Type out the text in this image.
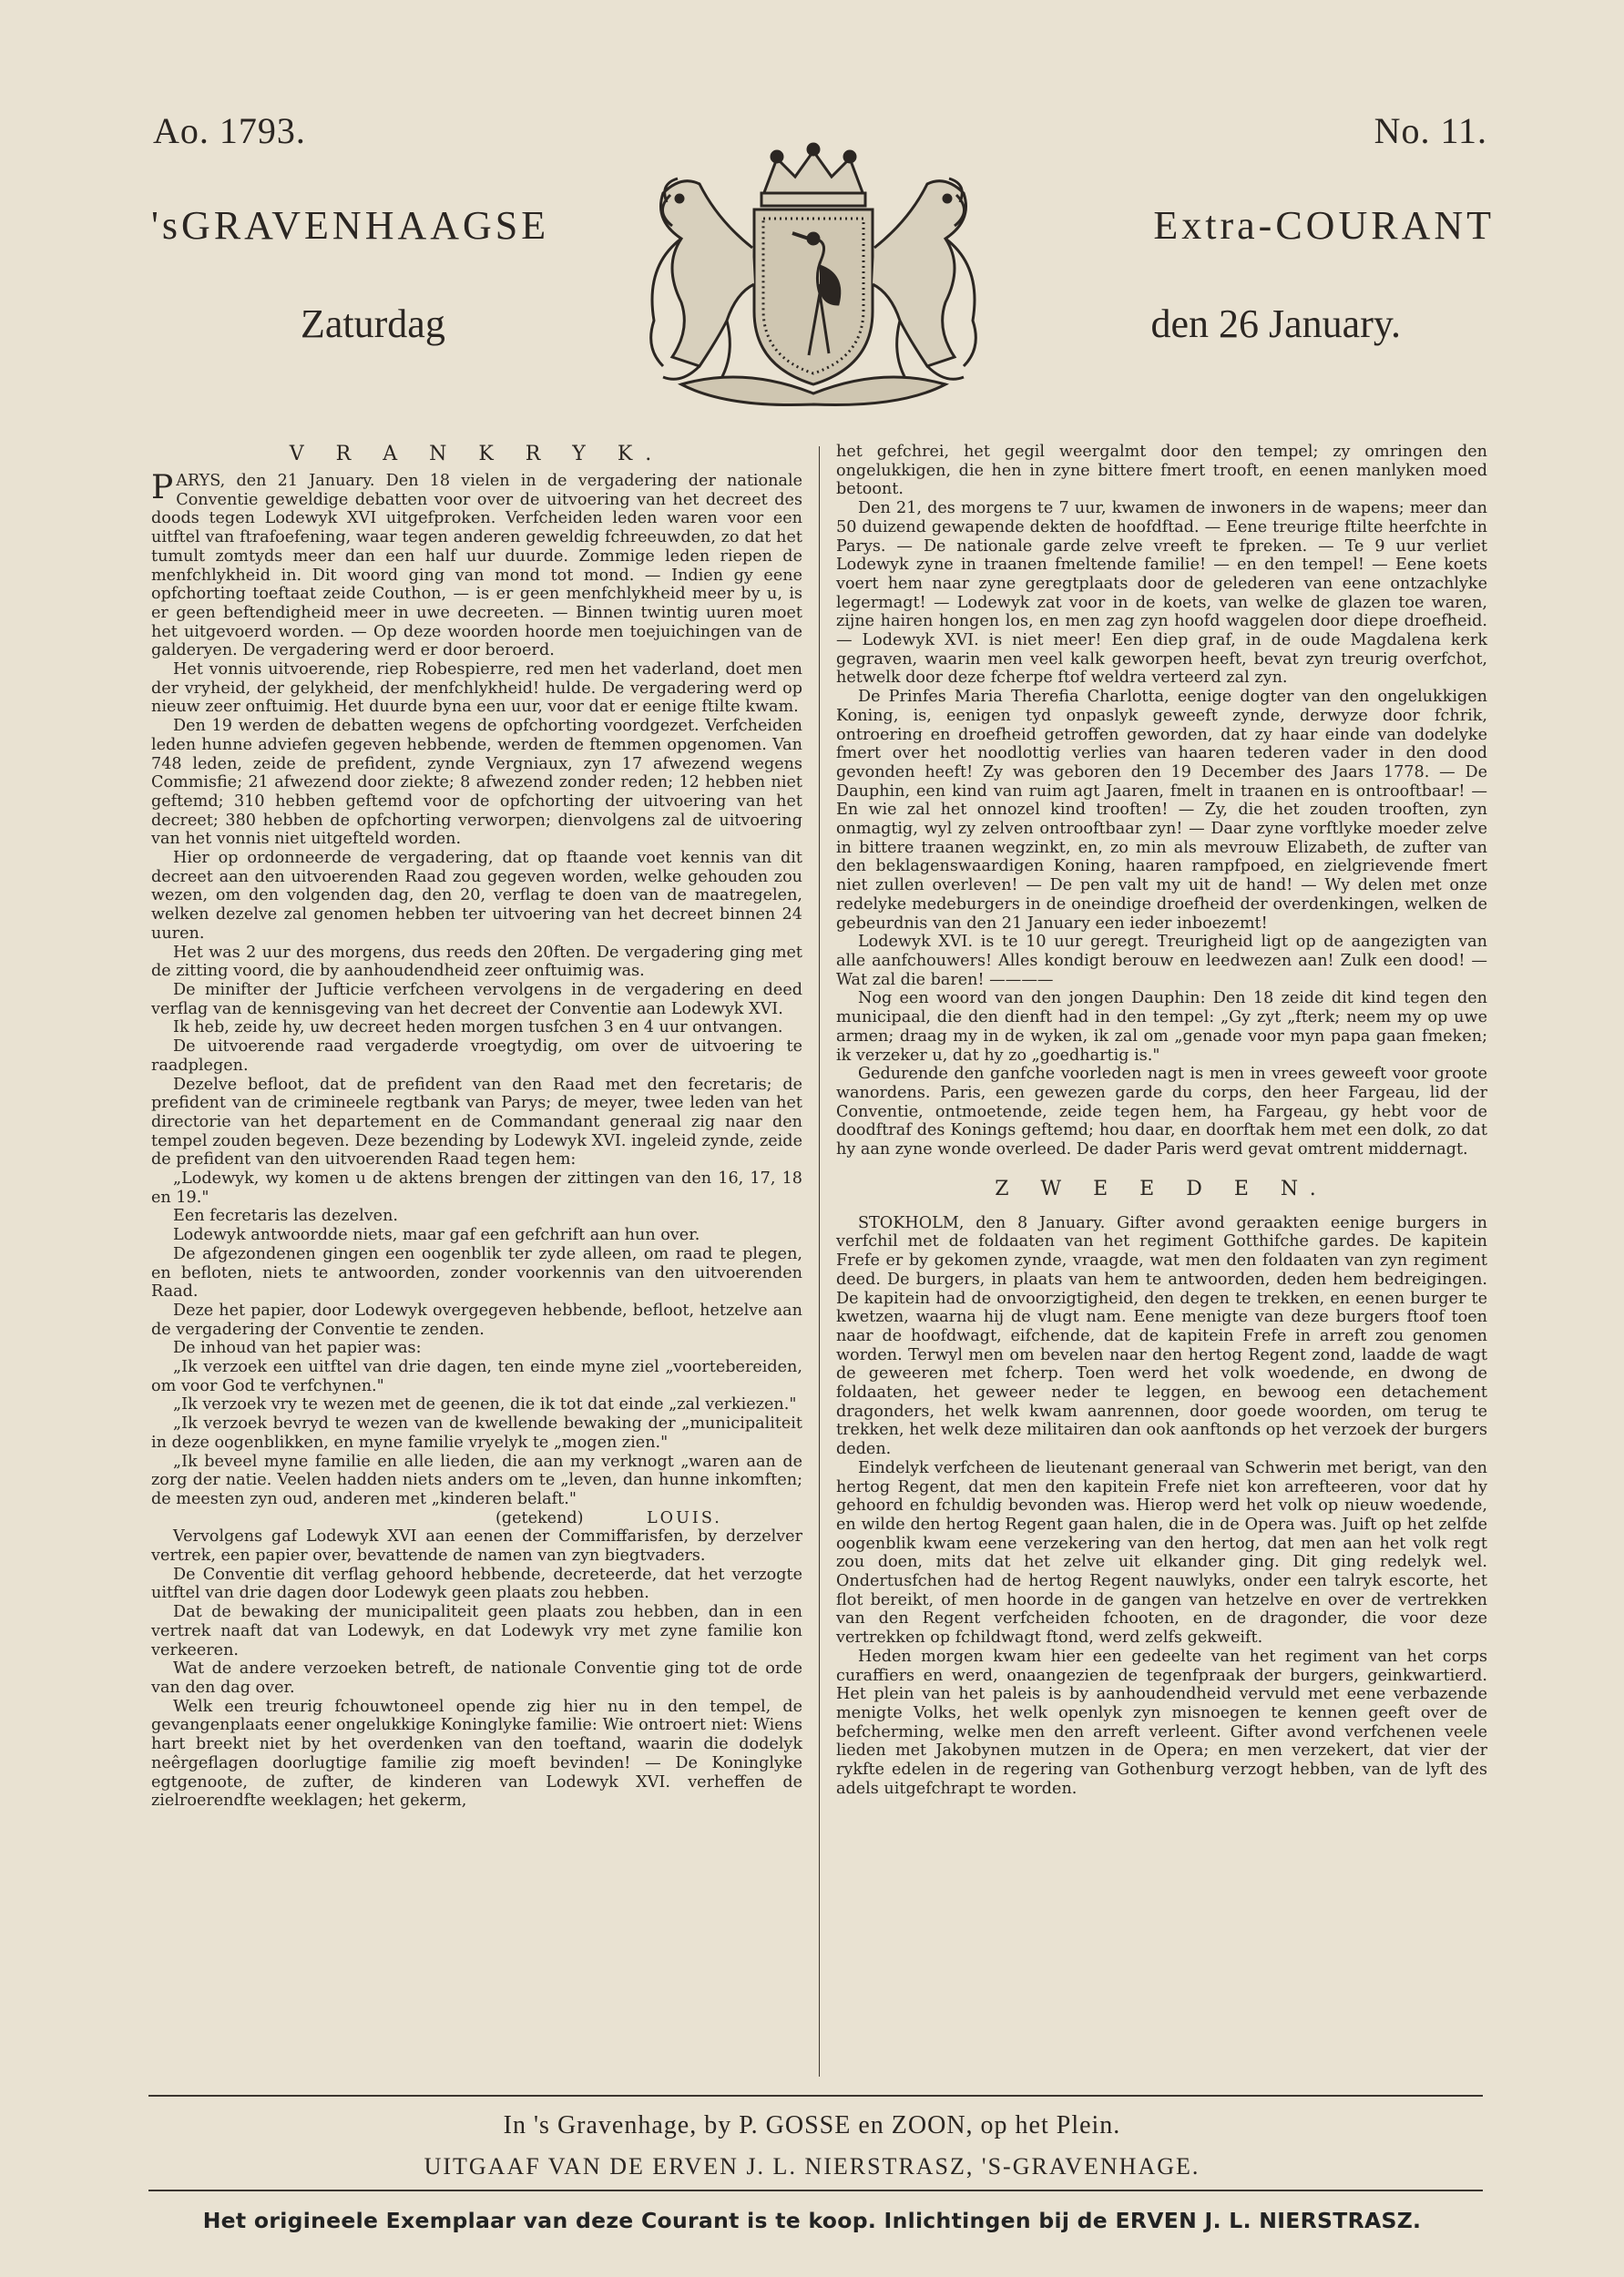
Ao. 1793.	No. 11.
'sGRAVENHAAGSE	Extra-COURANT
Zaturdag	den 26 January.
V R A N K R Y K.

PARYS, den 21 January. Den 18 vielen in de vergadering der nationale Conventie geweldige debatten voor over de uitvoering van het decreet des doods tegen Lodewyk XVI uitgefproken. Verfcheiden leden waren voor een uitftel van ftrafoefening, waar tegen anderen geweldig fchreeuwden, zo dat het tumult zomtyds meer dan een half uur duurde. Zommige leden riepen de menfchlykheid in. Dit woord ging van mond tot mond. — Indien gy eene opfchorting toeftaat zeide Couthon, — is er geen menfchlykheid meer by u, is er geen beftendigheid meer in uwe decreeten. — Binnen twintig uuren moet het uitgevoerd worden. — Op deze woorden hoorde men toejuichingen van de galderyen. De vergadering werd er door beroerd.

Het vonnis uitvoerende, riep Robespierre, red men het vaderland, doet men der vryheid, der gelykheid, der menfchlykheid! hulde. De vergadering werd op nieuw zeer onftuimig. Het duurde byna een uur, voor dat er eenige ftilte kwam.

Den 19 werden de debatten wegens de opfchorting voordgezet. Verfcheiden leden hunne adviefen gegeven hebbende, werden de ftemmen opgenomen. Van 748 leden, zeide de prefident, zynde Vergniaux, zyn 17 afwezend wegens Commisfie; 21 afwezend door ziekte; 8 afwezend zonder reden; 12 hebben niet geftemd; 310 hebben geftemd voor de opfchorting der uitvoering van het decreet; 380 hebben de opfchorting verworpen; dienvolgens zal de uitvoering van het vonnis niet uitgefteld worden.

Hier op ordonneerde de vergadering, dat op ftaande voet kennis van dit decreet aan den uitvoerenden Raad zou gegeven worden, welke gehouden zou wezen, om den volgenden dag, den 20, verflag te doen van de maatregelen, welken dezelve zal genomen hebben ter uitvoering van het decreet binnen 24 uuren.

Het was 2 uur des morgens, dus reeds den 20ften. De vergadering ging met de zitting voord, die by aanhoudendheid zeer onftuimig was.

De minifter der Jufticie verfcheen vervolgens in de vergadering en deed verflag van de kennisgeving van het decreet der Conventie aan Lodewyk XVI.

Ik heb, zeide hy, uw decreet heden morgen tusfchen 3 en 4 uur ontvangen.

De uitvoerende raad vergaderde vroegtydig, om over de uitvoering te raadplegen.

Dezelve befloot, dat de prefident van den Raad met den fecretaris; de prefident van de crimineele regtbank van Parys; de meyer, twee leden van het directorie van het departement en de Commandant generaal zig naar den tempel zouden begeven. Deze bezending by Lodewyk XVI. ingeleid zynde, zeide de prefident van den uitvoerenden Raad tegen hem:

„Lodewyk, wy komen u de aktens brengen der zittingen van den 16, 17, 18 en 19."

Een fecretaris las dezelven.

Lodewyk antwoordde niets, maar gaf een gefchrift aan hun over.

De afgezondenen gingen een oogenblik ter zyde alleen, om raad te plegen, en befloten, niets te antwoorden, zonder voorkennis van den uitvoerenden Raad.

Deze het papier, door Lodewyk overgegeven hebbende, befloot, hetzelve aan de vergadering der Conventie te zenden.

De inhoud van het papier was:

„Ik verzoek een uitftel van drie dagen, ten einde myne ziel „voortebereiden, om voor God te verfchynen."

„Ik verzoek vry te wezen met de geenen, die ik tot dat einde „zal verkiezen."

„Ik verzoek bevryd te wezen van de kwellende bewaking der „municipaliteit in deze oogenblikken, en myne familie vryelyk te „mogen zien."

„Ik beveel myne familie en alle lieden, die aan my verknogt „waren aan de zorg der natie. Veelen hadden niets anders om te „leven, dan hunne inkomften; de meesten zyn oud, anderen met „kinderen belaft."

(getekend)	LOUIS.

Vervolgens gaf Lodewyk XVI aan eenen der Commiffarisfen, by derzelver vertrek, een papier over, bevattende de namen van zyn biegtvaders.

De Conventie dit verflag gehoord hebbende, decreteerde, dat het verzogte uitftel van drie dagen door Lodewyk geen plaats zou hebben.

Dat de bewaking der municipaliteit geen plaats zou hebben, dan in een vertrek naaft dat van Lodewyk, en dat Lodewyk vry met zyne familie kon verkeeren.

Wat de andere verzoeken betreft, de nationale Conventie ging tot de orde van den dag over.

Welk een treurig fchouwtoneel opende zig hier nu in den tempel, de gevangenplaats eener ongelukkige Koninglyke familie: Wie ontroert niet: Wiens hart breekt niet by het overdenken van den toeftand, waarin die dodelyk neêrgeflagen doorlugtige familie zig moeft bevinden! — De Koninglyke egtgenoote, de zufter, de kinderen van Lodewyk XVI. verheffen de zielroerendfte weeklagen; het gekerm,

het gefchrei, het gegil weergalmt door den tempel; zy omringen den ongelukkigen, die hen in zyne bittere fmert trooft, en eenen manlyken moed betoont.

Den 21, des morgens te 7 uur, kwamen de inwoners in de wapens; meer dan 50 duizend gewapende dekten de hoofdftad. — Eene treurige ftilte heerfchte in Parys. — De nationale garde zelve vreeft te fpreken. — Te 9 uur verliet Lodewyk zyne in traanen fmeltende familie! — en den tempel! — Eene koets voert hem naar zyne geregtplaats door de gelederen van eene ontzachlyke legermagt! — Lodewyk zat voor in de koets, van welke de glazen toe waren, zijne hairen hongen los, en men zag zyn hoofd waggelen door diepe droefheid. — Lodewyk XVI. is niet meer! Een diep graf, in de oude Magdalena kerk gegraven, waarin men veel kalk geworpen heeft, bevat zyn treurig overfchot, hetwelk door deze fcherpe ftof weldra verteerd zal zyn.

De Prinfes Maria Therefia Charlotta, eenige dogter van den ongelukkigen Koning, is, eenigen tyd onpaslyk geweeft zynde, derwyze door fchrik, ontroering en droefheid getroffen geworden, dat zy haar einde van dodelyke fmert over het noodlottig verlies van haaren tederen vader in den dood gevonden heeft! Zy was geboren den 19 December des Jaars 1778. — De Dauphin, een kind van ruim agt Jaaren, fmelt in traanen en is ontrooftbaar! — En wie zal het onnozel kind trooften! — Zy, die het zouden trooften, zyn onmagtig, wyl zy zelven ontrooftbaar zyn! — Daar zyne vorftlyke moeder zelve in bittere traanen wegzinkt, en, zo min als mevrouw Elizabeth, de zufter van den beklagenswaardigen Koning, haaren rampfpoed, en zielgrievende fmert niet zullen overleven! — De pen valt my uit de hand! — Wy delen met onze redelyke medeburgers in de oneindige droefheid der overdenkingen, welken de gebeurdnis van den 21 January een ieder inboezemt!

Lodewyk XVI. is te 10 uur geregt. Treurigheid ligt op de aangezigten van alle aanfchouwers! Alles kondigt berouw en leedwezen aan! Zulk een dood! — Wat zal die baren! ————

Nog een woord van den jongen Dauphin: Den 18 zeide dit kind tegen den municipaal, die den dienft had in den tempel: „Gy zyt „fterk; neem my op uwe armen; draag my in de wyken, ik zal om „genade voor myn papa gaan fmeken; ik verzeker u, dat hy zo „goedhartig is."

Gedurende den ganfche voorleden nagt is men in vrees geweeft voor groote wanordens. Paris, een gewezen garde du corps, den heer Fargeau, lid der Conventie, ontmoetende, zeide tegen hem, ha Fargeau, gy hebt voor de doodftraf des Konings geftemd; hou daar, en doorftak hem met een dolk, zo dat hy aan zyne wonde overleed. De dader Paris werd gevat omtrent middernagt.

Z W E E D E N.

STOKHOLM, den 8 January. Gifter avond geraakten eenige burgers in verfchil met de foldaaten van het regiment Gotthifche gardes. De kapitein Frefe er by gekomen zynde, vraagde, wat men den foldaaten van zyn regiment deed. De burgers, in plaats van hem te antwoorden, deden hem bedreigingen. De kapitein had de onvoorzigtigheid, den degen te trekken, en eenen burger te kwetzen, waarna hij de vlugt nam. Eene menigte van deze burgers ftoof toen naar de hoofdwagt, eifchende, dat de kapitein Frefe in arreft zou genomen worden. Terwyl men om bevelen naar den hertog Regent zond, laadde de wagt de geweeren met fcherp. Toen werd het volk woedende, en dwong de foldaaten, het geweer neder te leggen, en bewoog een detachement dragonders, het welk kwam aanrennen, door goede woorden, om terug te trekken, het welk deze militairen dan ook aanftonds op het verzoek der burgers deden.

Eindelyk verfcheen de lieutenant generaal van Schwerin met berigt, van den hertog Regent, dat men den kapitein Frefe niet kon arrefteeren, voor dat hy gehoord en fchuldig bevonden was. Hierop werd het volk op nieuw woedende, en wilde den hertog Regent gaan halen, die in de Opera was. Juift op het zelfde oogenblik kwam eene verzekering van den hertog, dat men aan het volk regt zou doen, mits dat het zelve uit elkander ging. Dit ging redelyk wel. Ondertusfchen had de hertog Regent nauwlyks, onder een talryk escorte, het flot bereikt, of men hoorde in de gangen van hetzelve en over de vertrekken van den Regent verfcheiden fchooten, en de dragonder, die voor deze vertrekken op fchildwagt ftond, werd zelfs gekweift.

Heden morgen kwam hier een gedeelte van het regiment van het corps curaffiers en werd, onaangezien de tegenfpraak der burgers, geinkwartierd. Het plein van het paleis is by aanhoudendheid vervuld met eene verbazende menigte Volks, het welk openlyk zyn misnoegen te kennen geeft over de befcherming, welke men den arreft verleent. Gifter avond verfchenen veele lieden met Jakobynen mutzen in de Opera; en men verzekert, dat vier der rykfte edelen in de regering van Gothenburg verzogt hebben, van de lyft des adels uitgefchrapt te worden.

In 's Gravenhage, by P. GOSSE en ZOON, op het Plein.
UITGAAF VAN DE ERVEN J. L. NIERSTRASZ, 'S-GRAVENHAGE.
Het origineele Exemplaar van deze Courant is te koop. Inlichtingen bij de ERVEN J. L. NIERSTRASZ.
